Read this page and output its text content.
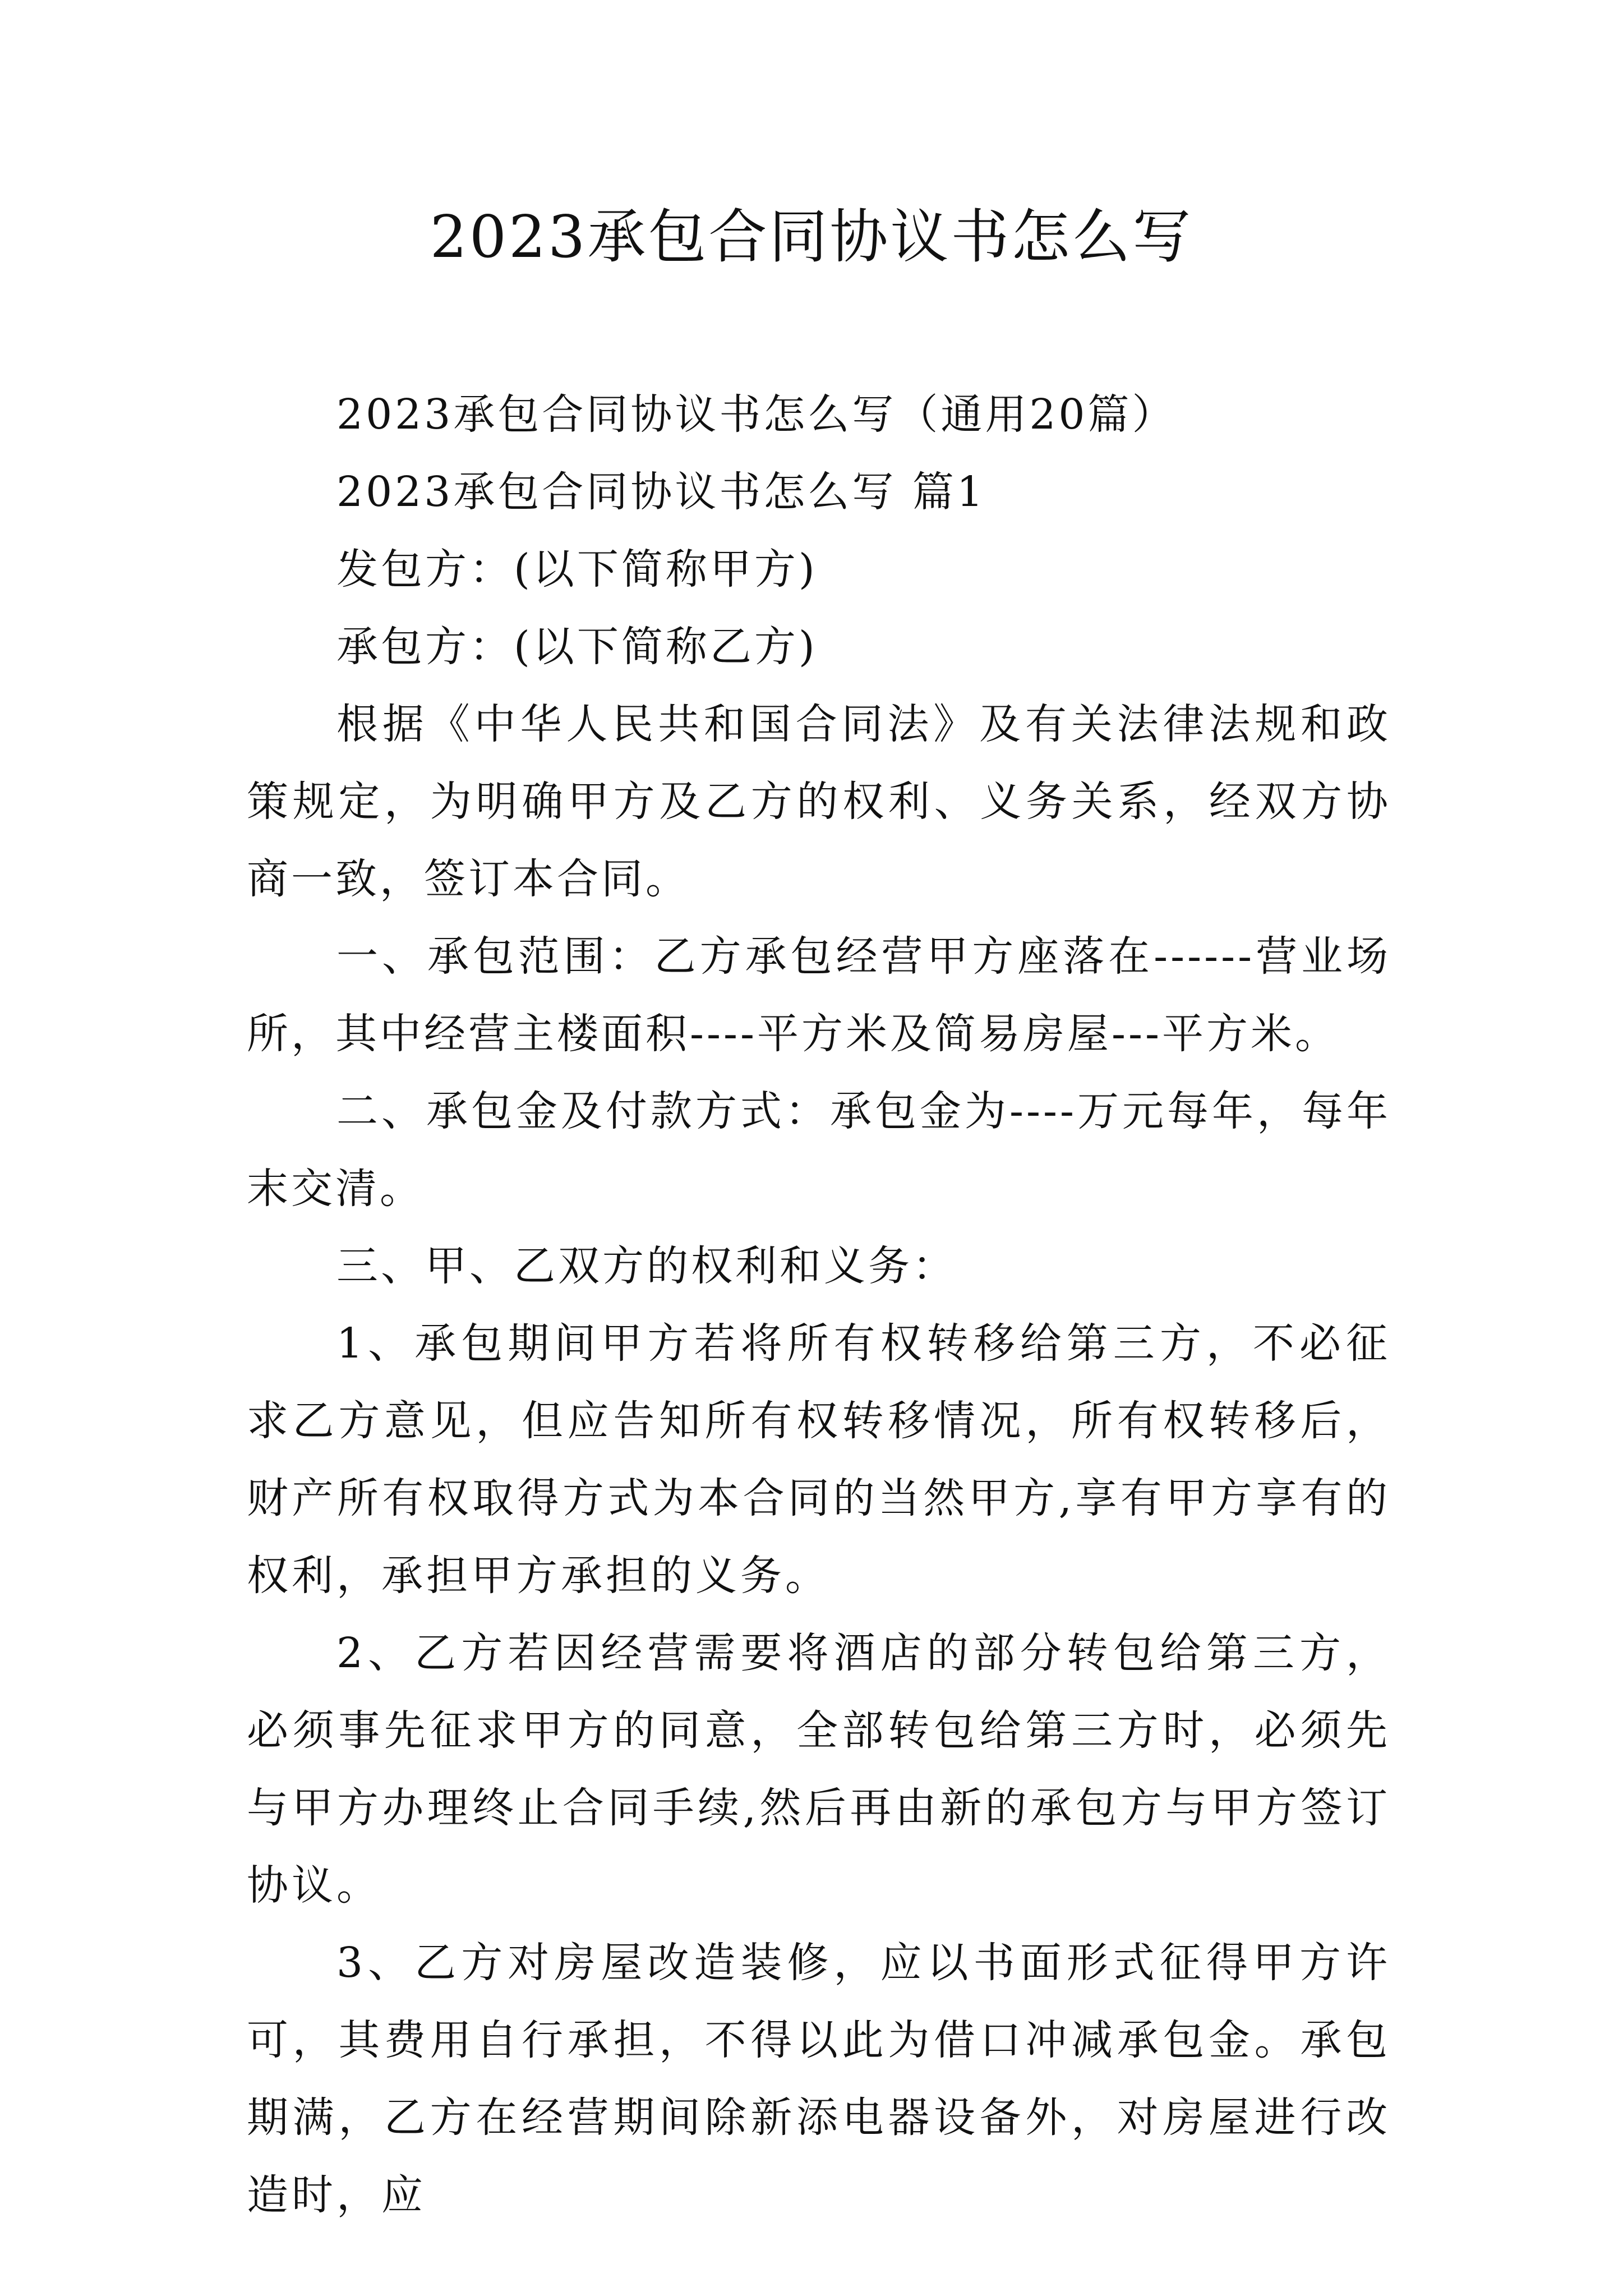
2023承包合同协议书怎么写

2023承包合同协议书怎么写（通用20篇）

2023承包合同协议书怎么写 篇1

发包方：(以下简称甲方)

承包方：(以下简称乙方)

根据《中华人民共和国合同法》及有关法律法规和政策规定，为明确甲方及乙方的权利、义务关系，经双方协商一致，签订本合同。

一、承包范围：乙方承包经营甲方座落在------营业场所，其中经营主楼面积----平方米及简易房屋---平方米。

二、承包金及付款方式：承包金为----万元每年，每年末交清。

三、甲、乙双方的权利和义务：

1、承包期间甲方若将所有权转移给第三方，不必征求乙方意见，但应告知所有权转移情况，所有权转移后，财产所有权取得方式为本合同的当然甲方,享有甲方享有的权利，承担甲方承担的义务。

2、乙方若因经营需要将酒店的部分转包给第三方，必须事先征求甲方的同意，全部转包给第三方时，必须先与甲方办理终止合同手续,然后再由新的承包方与甲方签订协议。

3、乙方对房屋改造装修，应以书面形式征得甲方许可，其费用自行承担，不得以此为借口冲减承包金。承包期满，乙方在经营期间除新添电器设备外，对房屋进行改造时，应
